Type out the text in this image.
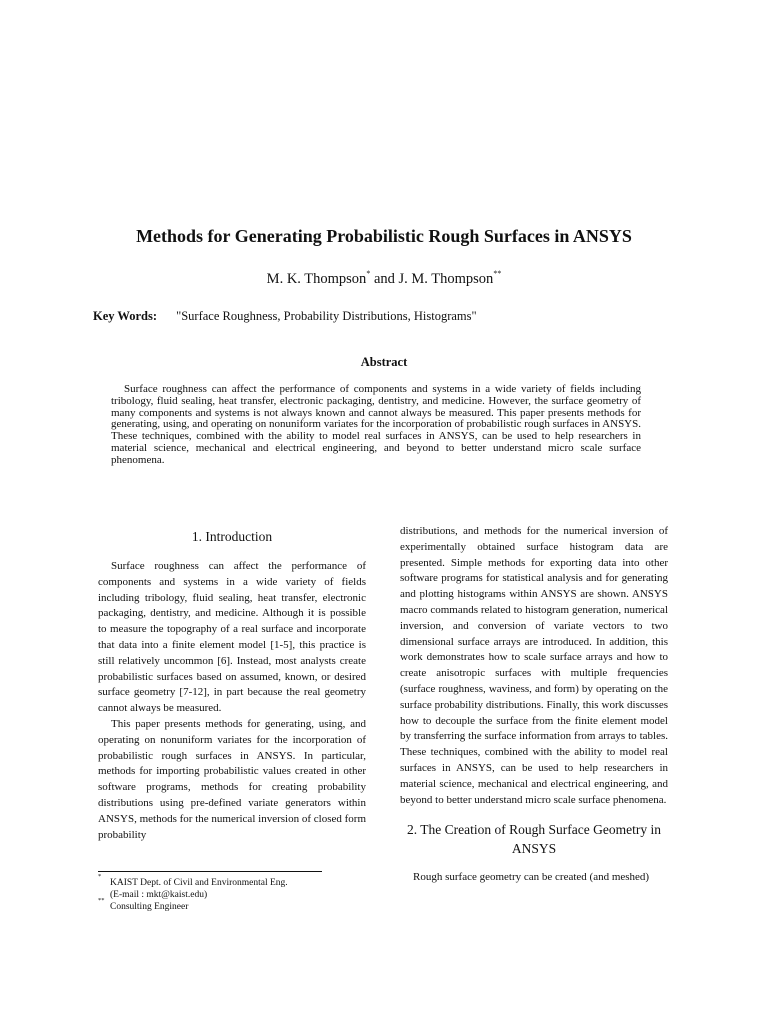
Methods for Generating Probabilistic Rough Surfaces in ANSYS
M. K. Thompson* and J. M. Thompson**
Key Words: "Surface Roughness, Probability Distributions, Histograms"
Abstract

Surface roughness can affect the performance of components and systems in a wide variety of fields including tribology, fluid sealing, heat transfer, electronic packaging, dentistry, and medicine. However, the surface geometry of many components and systems is not always known and cannot always be measured. This paper presents methods for generating, using, and operating on nonuniform variates for the incorporation of probabilistic rough surfaces in ANSYS. These techniques, combined with the ability to model real surfaces in ANSYS, can be used to help researchers in material science, mechanical and electrical engineering, and beyond to better understand micro scale surface phenomena.

1. Introduction

Surface roughness can affect the performance of components and systems in a wide variety of fields including tribology, fluid sealing, heat transfer, electronic packaging, dentistry, and medicine. Although it is possible to measure the topography of a real surface and incorporate that data into a finite element model [1-5], this practice is still relatively uncommon [6]. Instead, most analysts create probabilistic surfaces based on assumed, known, or desired surface geometry [7-12], in part because the real geometry cannot always be measured.

This paper presents methods for generating, using, and operating on nonuniform variates for the incorporation of probabilistic rough surfaces in ANSYS. In particular, methods for importing probabilistic values created in other software programs, methods for creating probability distributions using pre-defined variate generators within ANSYS, methods for the numerical inversion of closed form probability

distributions, and methods for the numerical inversion of experimentally obtained surface histogram data are presented. Simple methods for exporting data into other software programs for statistical analysis and for generating and plotting histograms within ANSYS are shown. ANSYS macro commands related to histogram generation, numerical inversion, and conversion of variate vectors to two dimensional surface arrays are introduced. In addition, this work demonstrates how to scale surface arrays and how to create anisotropic surfaces with multiple frequencies (surface roughness, waviness, and form) by operating on the surface probability distributions. Finally, this work discusses how to decouple the surface from the finite element model by transferring the surface information from arrays to tables. These techniques, combined with the ability to model real surfaces in ANSYS, can be used to help researchers in material science, mechanical and electrical engineering, and beyond to better understand micro scale surface phenomena.

2. The Creation of Rough Surface Geometry in ANSYS

Rough surface geometry can be created (and meshed)

*KAIST Dept. of Civil and Environmental Eng.
(E-mail : mkt@kaist.edu)
**Consulting Engineer
